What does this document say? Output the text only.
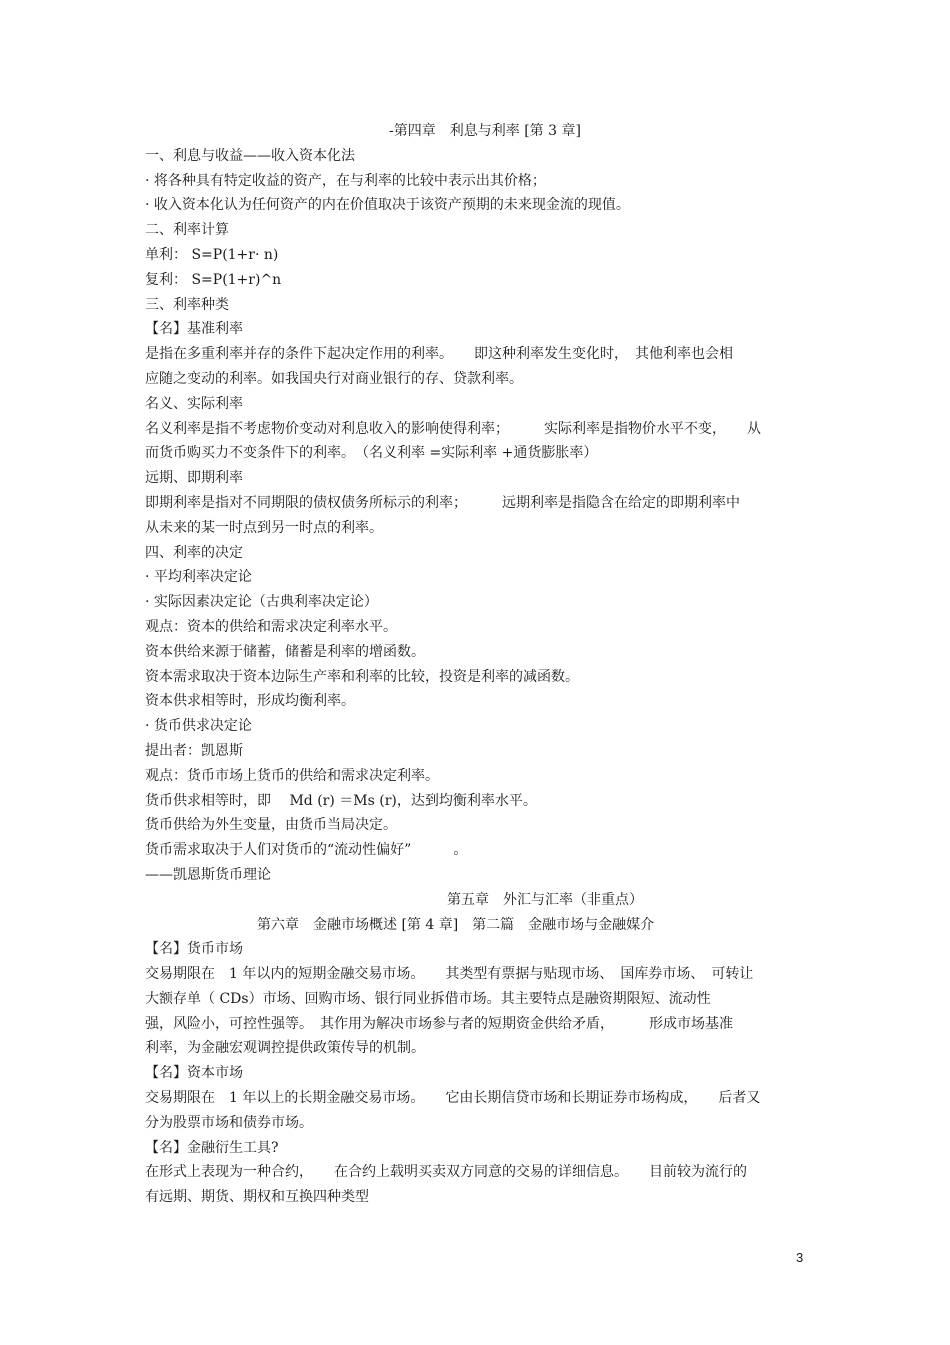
-第四章　利息与利率 [第 3 章]
一、利息与收益——收入资本化法
· 将各种具有特定收益的资产，在与利率的比较中表示出其价格；
· 收入资本化认为任何资产的内在价值取决于该资产预期的未来现金流的现值。
二、利率计算
单利： S=P(1+r· n)
复利： S=P(1+r)^n
三、利率种类
【名】基准利率
是指在多重利率并存的条件下起决定作用的利率。　　即这种利率发生变化时，　其他利率也会相
应随之变动的利率。如我国央行对商业银行的存、贷款利率。
名义、实际利率
名义利率是指不考虑物价变动对利息收入的影响使得利率；　　　实际利率是指物价水平不变，　　从
而货币购买力不变条件下的利率。　（名义利率 =实际利率 +通货膨胀率）
远期、即期利率
即期利率是指对不同期限的债权债务所标示的利率；　　　远期利率是指隐含在给定的即期利率中
从未来的某一时点到另一时点的利率。
四、利率的决定
· 平均利率决定论
· 实际因素决定论（古典利率决定论）
观点：资本的供给和需求决定利率水平。
资本供给来源于储蓄，储蓄是利率的增函数。
资本需求取决于资本边际生产率和利率的比较，投资是利率的减函数。
资本供求相等时，形成均衡利率。
· 货币供求决定论
提出者：凯恩斯
观点：货币市场上货币的供给和需求决定利率。
货币供求相等时，即　 Md (r) ＝Ms (r)，达到均衡利率水平。
货币供给为外生变量，由货币当局决定。
货币需求取决于人们对货币的“流动性偏好”　　　。
——凯恩斯货币理论
第五章　外汇与汇率（非重点）
第六章　金融市场概述 [第 4 章]　第二篇　金融市场与金融媒介
【名】货币市场
交易期限在　1 年以内的短期金融交易市场。　　其类型有票据与贴现市场、　国库券市场、　可转让
大额存单（ CDs）市场、回购市场、银行同业拆借市场。其主要特点是融资期限短、流动性
强，风险小，可控性强等。　其作用为解决市场参与者的短期资金供给矛盾，　　　形成市场基准
利率，为金融宏观调控提供政策传导的机制。
【名】资本市场
交易期限在　1 年以上的长期金融交易市场。　　它由长期信贷市场和长期证券市场构成，　　后者又
分为股票市场和债券市场。
【名】金融衍生工具?
在形式上表现为一种合约，　　在合约上载明买卖双方同意的交易的详细信息。　　目前较为流行的
有远期、期货、期权和互换四种类型
3
